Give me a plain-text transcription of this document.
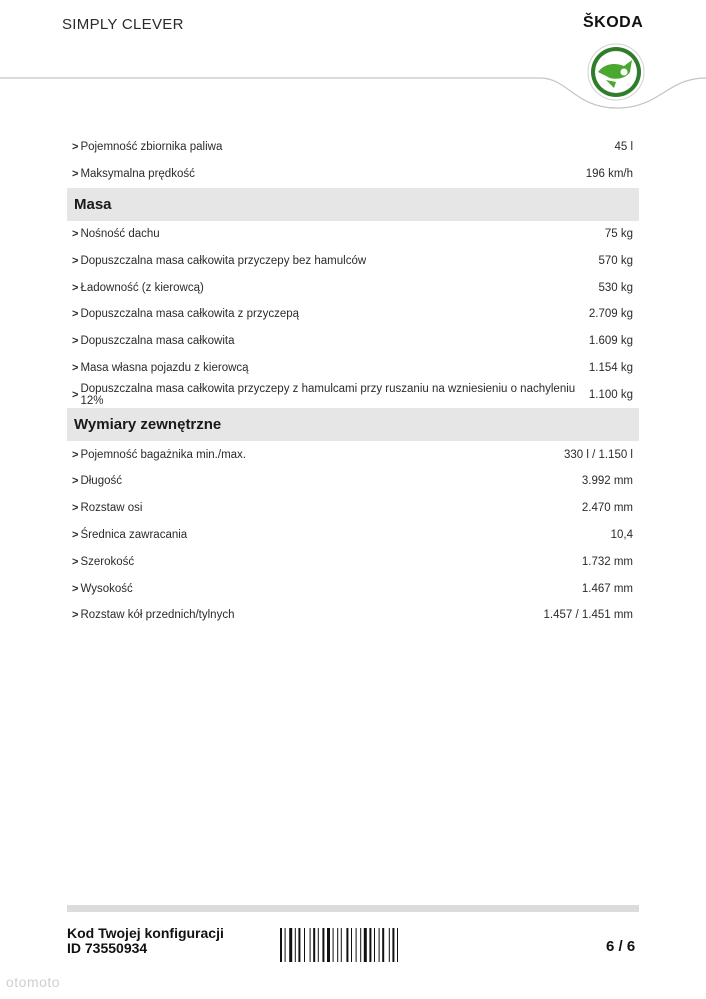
SIMPLY CLEVER	ŠKODA
> Pojemność zbiornika paliwa	45 l
> Maksymalna prędkość	196 km/h
Masa
> Nośność dachu	75 kg
> Dopuszczalna masa całkowita przyczepy bez hamulców	570 kg
> Ładowność (z kierowcą)	530 kg
> Dopuszczalna masa całkowita z przyczepą	2.709 kg
> Dopuszczalna masa całkowita	1.609 kg
> Masa własna pojazdu z kierowcą	1.154 kg
> Dopuszczalna masa całkowita przyczepy z hamulcami przy ruszaniu na wzniesieniu o nachyleniu 12%	1.100 kg
Wymiary zewnętrzne
> Pojemność bagażnika min./max.	330 l / 1.150 l
> Długość	3.992 mm
> Rozstaw osi	2.470 mm
> Średnica zawracania	10,4
> Szerokość	1.732 mm
> Wysokość	1.467 mm
> Rozstaw kół przednich/tylnych	1.457 / 1.451 mm
Kod Twojej konfiguracji
ID 73550934	6 / 6
otomoto
